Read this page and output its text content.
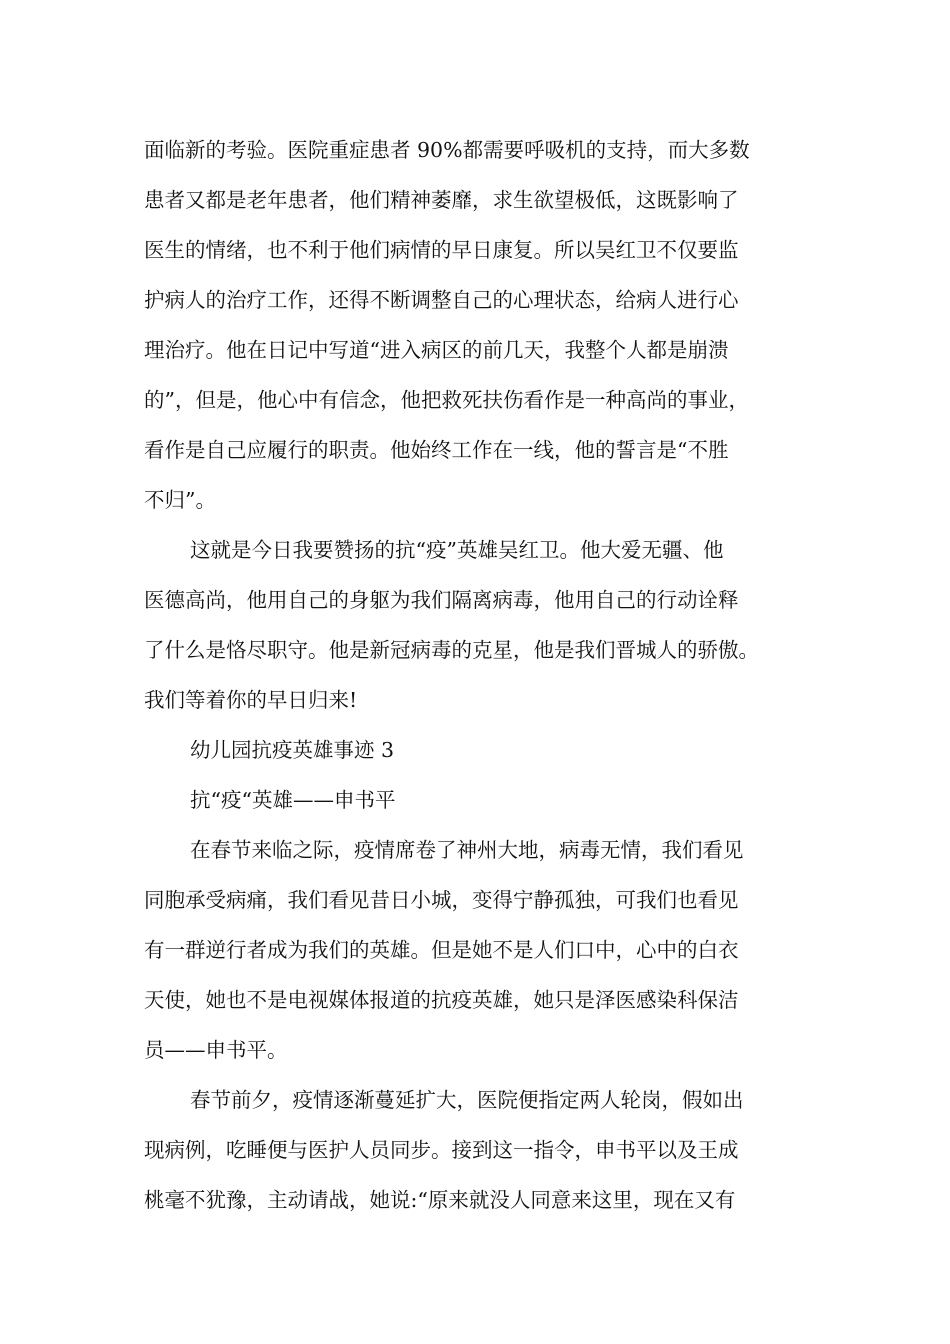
面临新的考验。医院重症患者 90%都需要呼吸机的支持，而大多数
患者又都是老年患者，他们精神萎靡，求生欲望极低，这既影响了
医生的情绪，也不利于他们病情的早日康复。所以吴红卫不仅要监
护病人的治疗工作，还得不断调整自己的心理状态，给病人进行心
理治疗。他在日记中写道“进入病区的前几天，我整个人都是崩溃
的”，但是，他心中有信念，他把救死扶伤看作是一种高尚的事业，
看作是自己应履行的职责。他始终工作在一线，他的誓言是“不胜
不归”。
这就是今日我要赞扬的抗“疫”英雄吴红卫。他大爱无疆、他
医德高尚，他用自己的身躯为我们隔离病毒，他用自己的行动诠释
了什么是恪尽职守。他是新冠病毒的克星，他是我们晋城人的骄傲。
我们等着你的早日归来!
幼儿园抗疫英雄事迹 3
抗“疫“英雄——申书平
在春节来临之际，疫情席卷了神州大地，病毒无情，我们看见
同胞承受病痛，我们看见昔日小城，变得宁静孤独，可我们也看见
有一群逆行者成为我们的英雄。但是她不是人们口中，心中的白衣
天使，她也不是电视媒体报道的抗疫英雄，她只是泽医感染科保洁
员——申书平。
春节前夕，疫情逐渐蔓延扩大，医院便指定两人轮岗，假如出
现病例，吃睡便与医护人员同步。接到这一指令，申书平以及王成
桃毫不犹豫，主动请战，她说:“原来就没人同意来这里，现在又有
